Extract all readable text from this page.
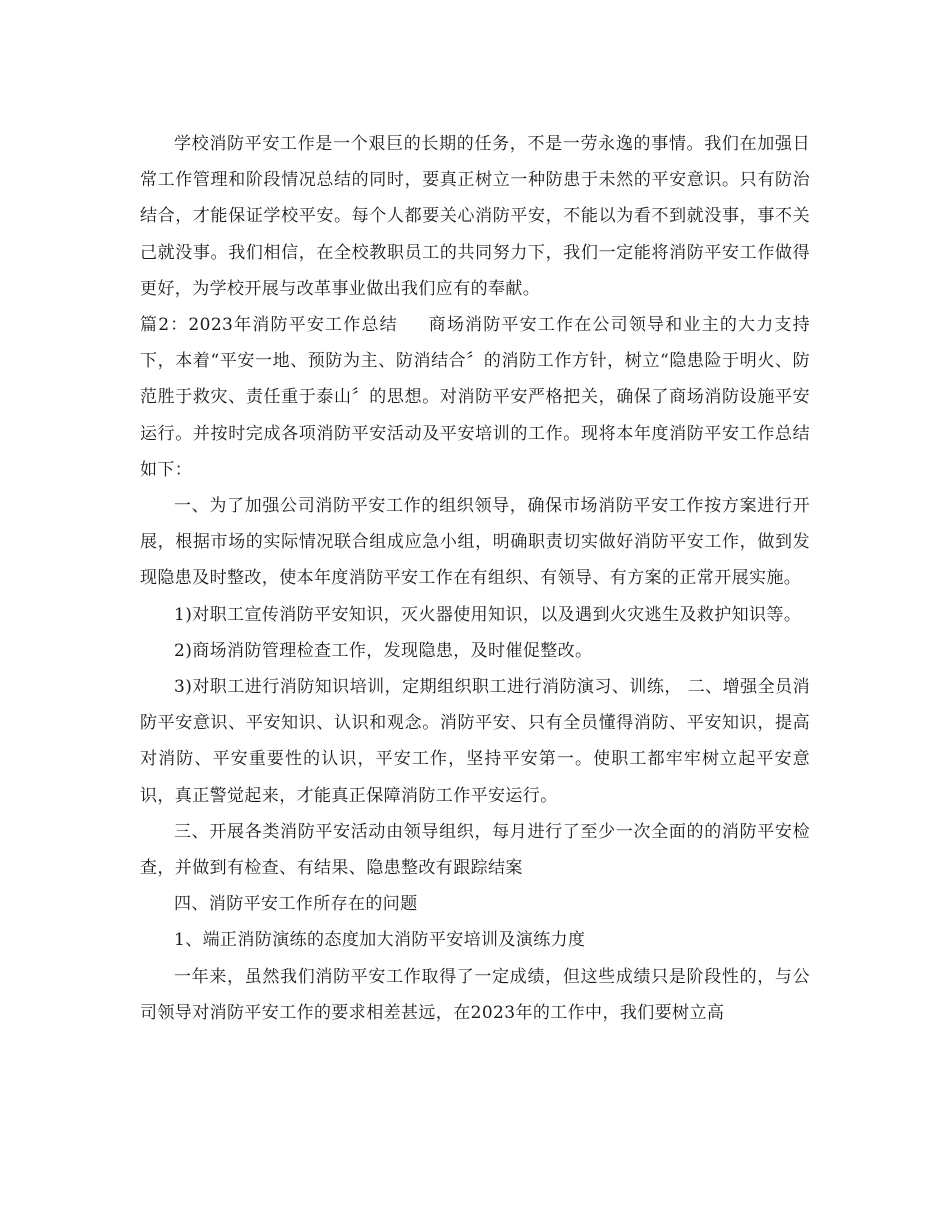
学校消防平安工作是一个艰巨的长期的任务，不是一劳永逸的事情。我们在加强日常工作管理和阶段情况总结的同时，要真正树立一种防患于未然的平安意识。只有防治结合，才能保证学校平安。每个人都要关心消防平安，不能以为看不到就没事，事不关己就没事。我们相信，在全校教职员工的共同努力下，我们一定能将消防平安工作做得更好，为学校开展与改革事业做出我们应有的奉献。

篇2：2023年消防平安工作总结 商场消防平安工作在公司领导和业主的大力支持下，本着“平安一地、预防为主、防消结合〞的消防工作方针，树立“隐患险于明火、防范胜于救灾、责任重于泰山〞的思想。对消防平安严格把关，确保了商场消防设施平安运行。并按时完成各项消防平安活动及平安培训的工作。现将本年度消防平安工作总结如下：

一、为了加强公司消防平安工作的组织领导，确保市场消防平安工作按方案进行开展，根据市场的实际情况联合组成应急小组，明确职责切实做好消防平安工作，做到发现隐患及时整改，使本年度消防平安工作在有组织、有领导、有方案的正常开展实施。

1)对职工宣传消防平安知识，灭火器使用知识，以及遇到火灾逃生及救护知识等。

2)商场消防管理检查工作，发现隐患，及时催促整改。

3)对职工进行消防知识培训，定期组织职工进行消防演习、训练， 二、增强全员消防平安意识、平安知识、认识和观念。消防平安、只有全员懂得消防、平安知识，提高对消防、平安重要性的认识，平安工作，坚持平安第一。使职工都牢牢树立起平安意识，真正警觉起来，才能真正保障消防工作平安运行。

三、开展各类消防平安活动由领导组织，每月进行了至少一次全面的的消防平安检查，并做到有检查、有结果、隐患整改有跟踪结案

四、消防平安工作所存在的问题

1、端正消防演练的态度加大消防平安培训及演练力度

一年来，虽然我们消防平安工作取得了一定成绩，但这些成绩只是阶段性的，与公司领导对消防平安工作的要求相差甚远，在2023年的工作中，我们要树立高
